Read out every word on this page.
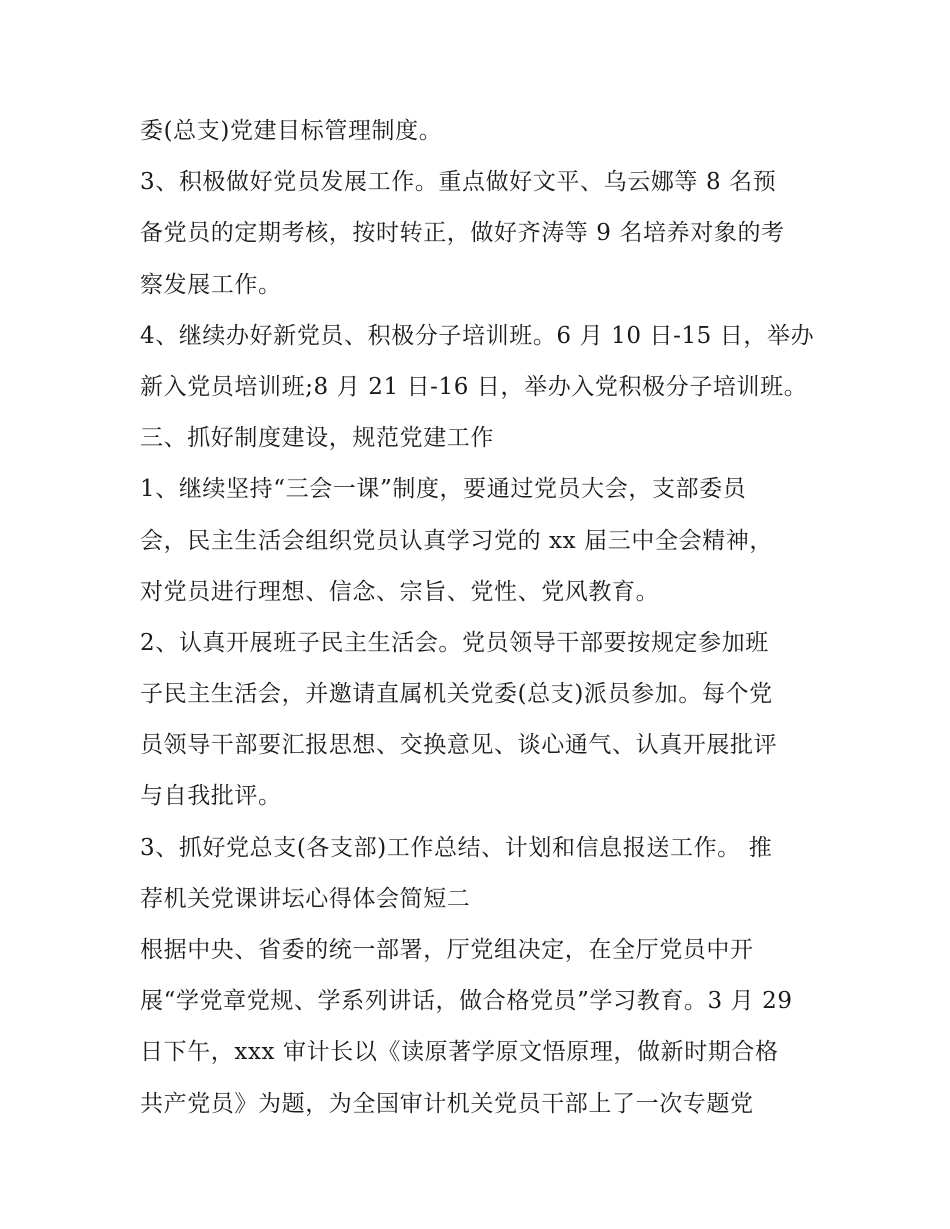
委(总支)党建目标管理制度。
3、积极做好党员发展工作。重点做好文平、乌云娜等 8 名预
备党员的定期考核，按时转正，做好齐涛等 9 名培养对象的考
察发展工作。
4、继续办好新党员、积极分子培训班。6 月 10 日-15 日，举办
新入党员培训班;8 月 21 日-16 日，举办入党积极分子培训班。
三、抓好制度建设，规范党建工作
1、继续坚持“三会一课”制度，要通过党员大会，支部委员
会，民主生活会组织党员认真学习党的 xx 届三中全会精神，
对党员进行理想、信念、宗旨、党性、党风教育。
2、认真开展班子民主生活会。党员领导干部要按规定参加班
子民主生活会，并邀请直属机关党委(总支)派员参加。每个党
员领导干部要汇报思想、交换意见、谈心通气、认真开展批评
与自我批评。
3、抓好党总支(各支部)工作总结、计划和信息报送工作。 推
荐机关党课讲坛心得体会简短二
根据中央、省委的统一部署，厅党组决定，在全厅党员中开
展“学党章党规、学系列讲话，做合格党员”学习教育。3 月 29
日下午，xxx 审计长以《读原著学原文悟原理，做新时期合格
共产党员》为题，为全国审计机关党员干部上了一次专题党
